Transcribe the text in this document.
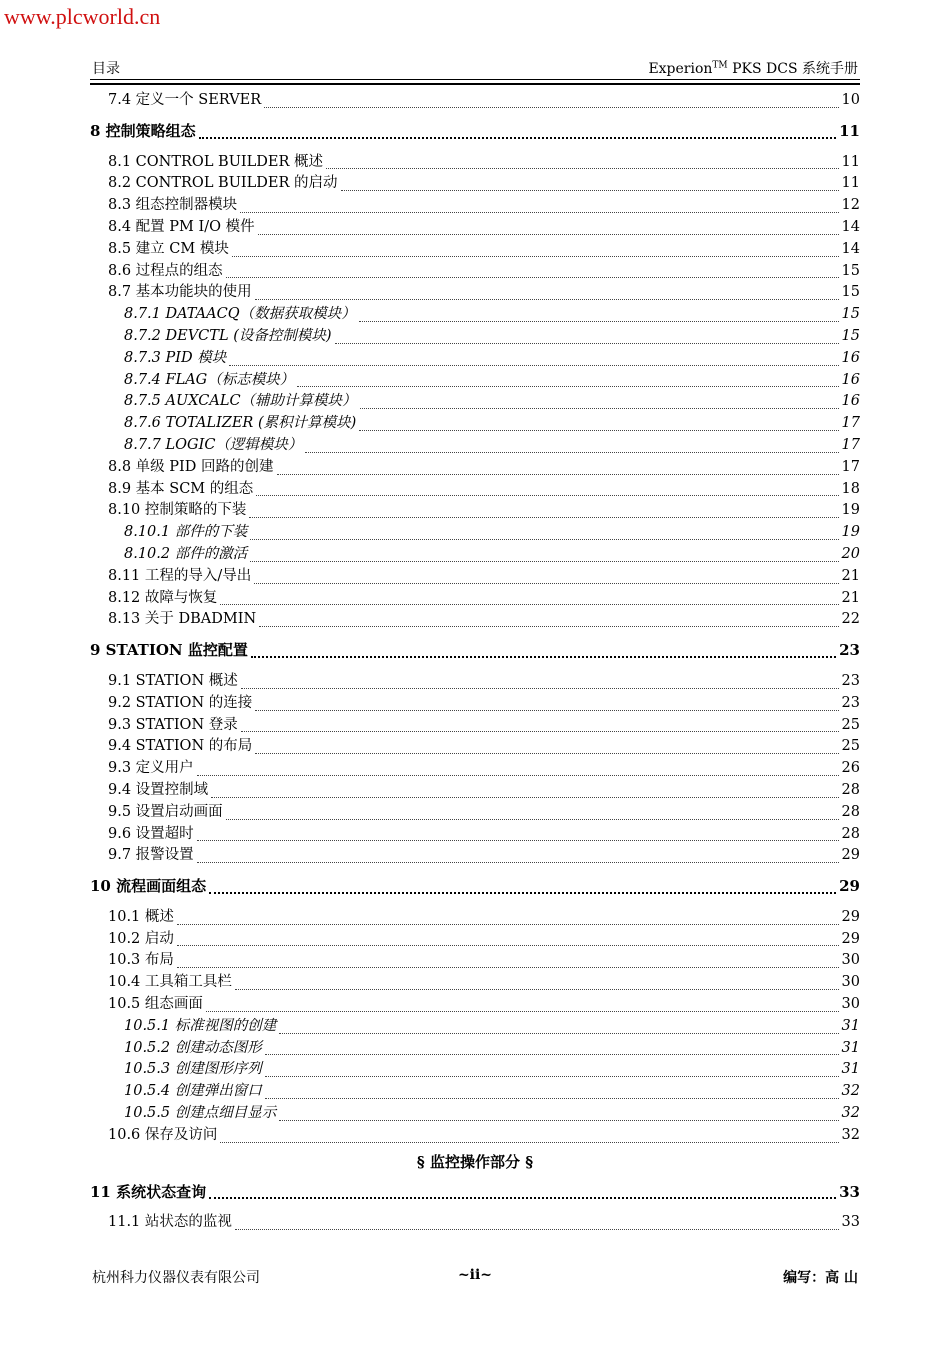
www.plcworld.cn
目录	Experion™ PKS DCS 系统手册
7.4 定义一个 SERVER	10
8 控制策略组态	11
8.1 CONTROL BUILDER 概述	11
8.2 CONTROL BUILDER 的启动	11
8.3 组态控制器模块	12
8.4 配置 PM I/O 模件	14
8.5 建立 CM 模块	14
8.6 过程点的组态	15
8.7 基本功能块的使用	15
8.7.1 DATAACQ（数据获取模块）	15
8.7.2 DEVCTL (设备控制模块)	15
8.7.3 PID 模块	16
8.7.4 FLAG（标志模块）	16
8.7.5 AUXCALC（辅助计算模块）	16
8.7.6 TOTALIZER (累积计算模块)	17
8.7.7 LOGIC（逻辑模块）	17
8.8 单级 PID 回路的创建	17
8.9 基本 SCM 的组态	18
8.10 控制策略的下装	19
8.10.1 部件的下装	19
8.10.2 部件的激活	20
8.11 工程的导入/导出	21
8.12 故障与恢复	21
8.13 关于 DBADMIN	22
9 STATION 监控配置	23
9.1 STATION 概述	23
9.2 STATION 的连接	23
9.3 STATION 登录	25
9.4 STATION 的布局	25
9.3 定义用户	26
9.4 设置控制域	28
9.5 设置启动画面	28
9.6 设置超时	28
9.7 报警设置	29
10 流程画面组态	29
10.1 概述	29
10.2 启动	29
10.3 布局	30
10.4 工具箱工具栏	30
10.5 组态画面	30
10.5.1 标准视图的创建	31
10.5.2 创建动态图形	31
10.5.3 创建图形序列	31
10.5.4 创建弹出窗口	32
10.5.5 创建点细目显示	32
10.6 保存及访问	32
§ 监控操作部分 §
11 系统状态查询	33
11.1 站状态的监视	33
杭州科力仪器仪表有限公司	~ii~	编写：高 山
